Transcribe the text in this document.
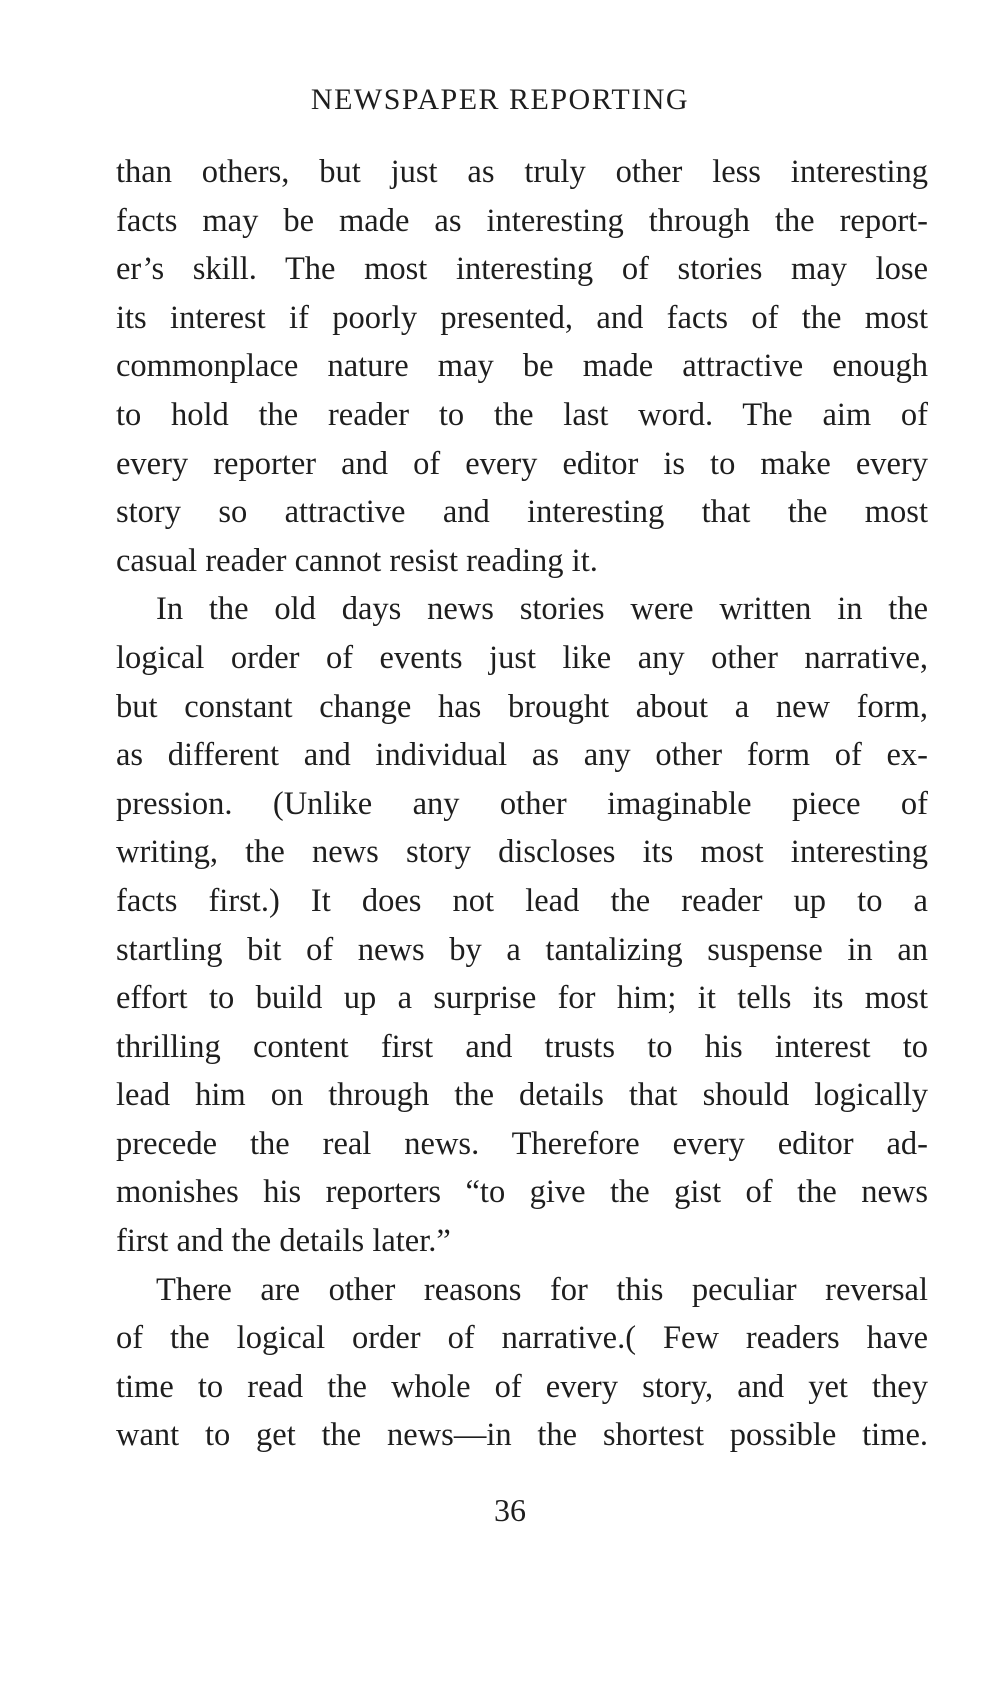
NEWSPAPER REPORTING
than others, but just as truly other less interesting
facts may be made as interesting through the report-
er’s skill. The most interesting of stories may lose
its interest if poorly presented, and facts of the most
commonplace nature may be made attractive enough
to hold the reader to the last word. The aim of
every reporter and of every editor is to make every
story so attractive and interesting that the most
casual reader cannot resist reading it.
In the old days news stories were written in the
logical order of events just like any other narrative,
but constant change has brought about a new form,
as different and individual as any other form of ex-
pression. (Unlike any other imaginable piece of
writing, the news story discloses its most interesting
facts first.) It does not lead the reader up to a
startling bit of news by a tantalizing suspense in an
effort to build up a surprise for him; it tells its most
thrilling content first and trusts to his interest to
lead him on through the details that should logically
precede the real news. Therefore every editor ad-
monishes his reporters “to give the gist of the news
first and the details later.”
There are other reasons for this peculiar reversal
of the logical order of narrative.( Few readers have
time to read the whole of every story, and yet they
want to get the news—in the shortest possible time.
36
